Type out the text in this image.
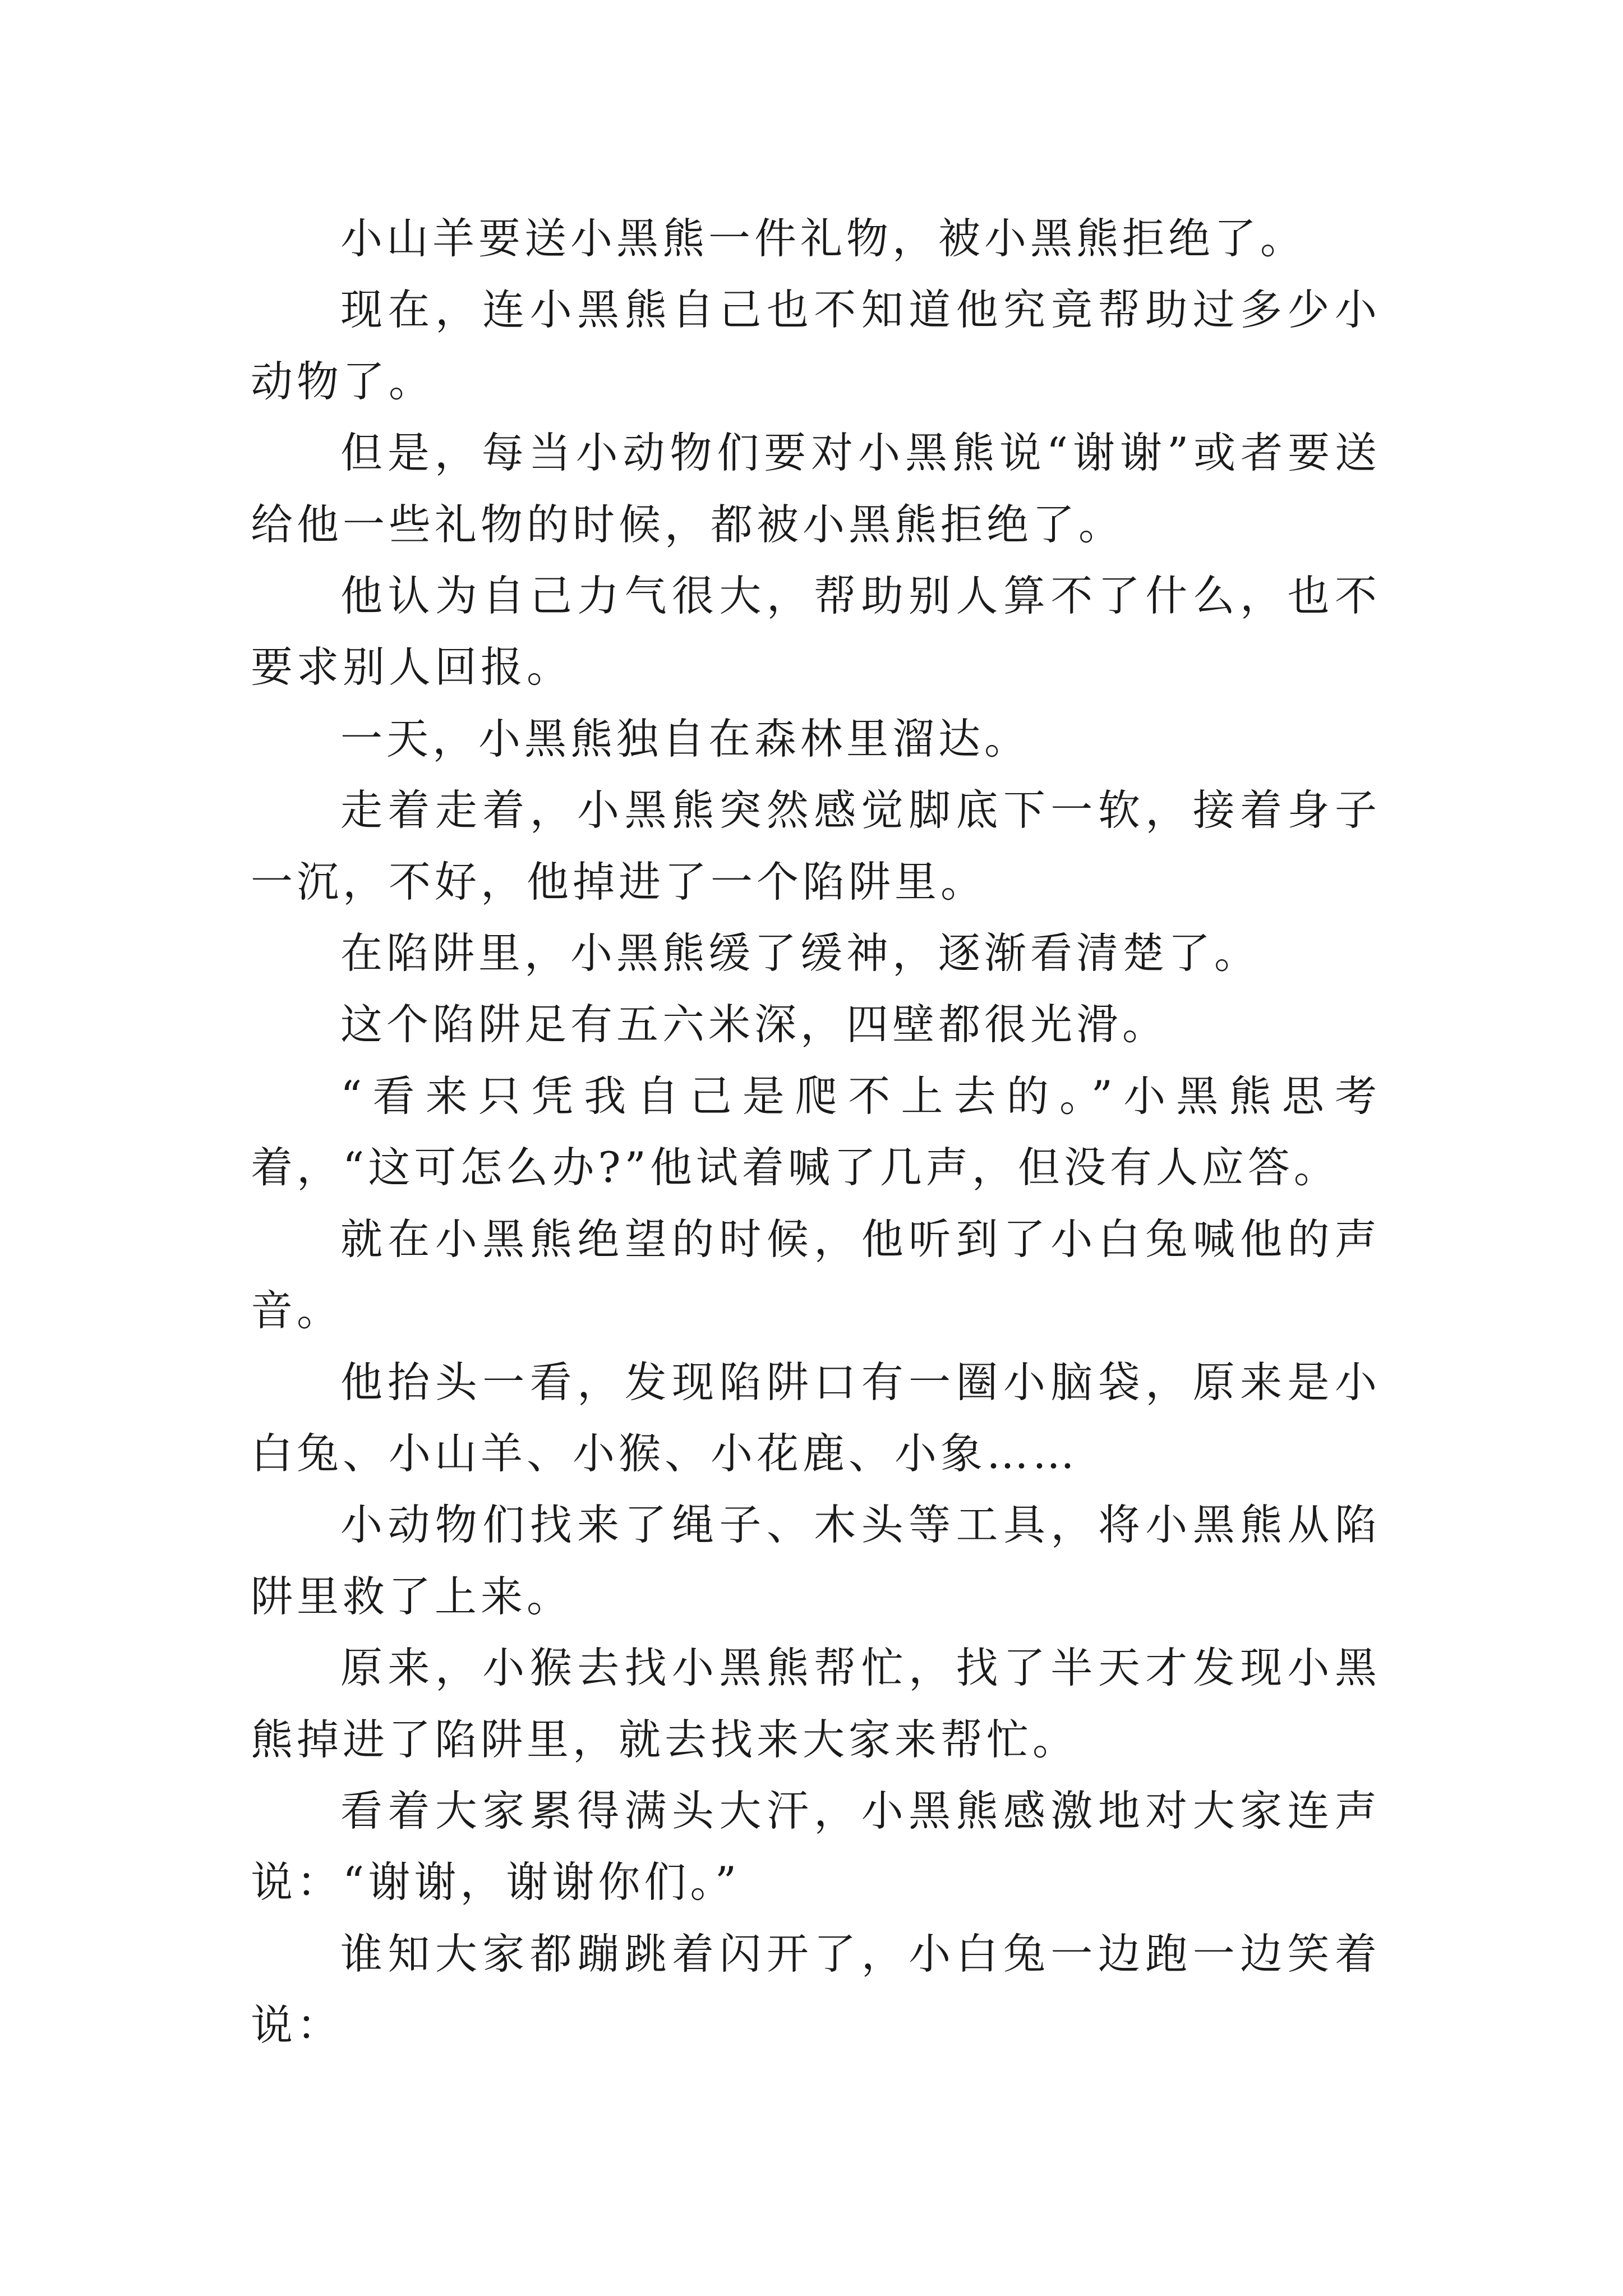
小山羊要送小黑熊一件礼物，被小黑熊拒绝了。

现在，连小黑熊自己也不知道他究竟帮助过多少小动物了。

但是，每当小动物们要对小黑熊说“谢谢”或者要送给他一些礼物的时候，都被小黑熊拒绝了。

他认为自己力气很大，帮助别人算不了什么，也不要求别人回报。

一天，小黑熊独自在森林里溜达。

走着走着，小黑熊突然感觉脚底下一软，接着身子一沉，不好，他掉进了一个陷阱里。

在陷阱里，小黑熊缓了缓神，逐渐看清楚了。

这个陷阱足有五六米深，四壁都很光滑。

“看来只凭我自己是爬不上去的。”小黑熊思考着，“这可怎么办?”他试着喊了几声，但没有人应答。

就在小黑熊绝望的时候，他听到了小白兔喊他的声音。

他抬头一看，发现陷阱口有一圈小脑袋，原来是小白兔、小山羊、小猴、小花鹿、小象……

小动物们找来了绳子、木头等工具，将小黑熊从陷阱里救了上来。

原来，小猴去找小黑熊帮忙，找了半天才发现小黑熊掉进了陷阱里，就去找来大家来帮忙。

看着大家累得满头大汗，小黑熊感激地对大家连声说：“谢谢，谢谢你们。”

谁知大家都蹦跳着闪开了，小白兔一边跑一边笑着说：
